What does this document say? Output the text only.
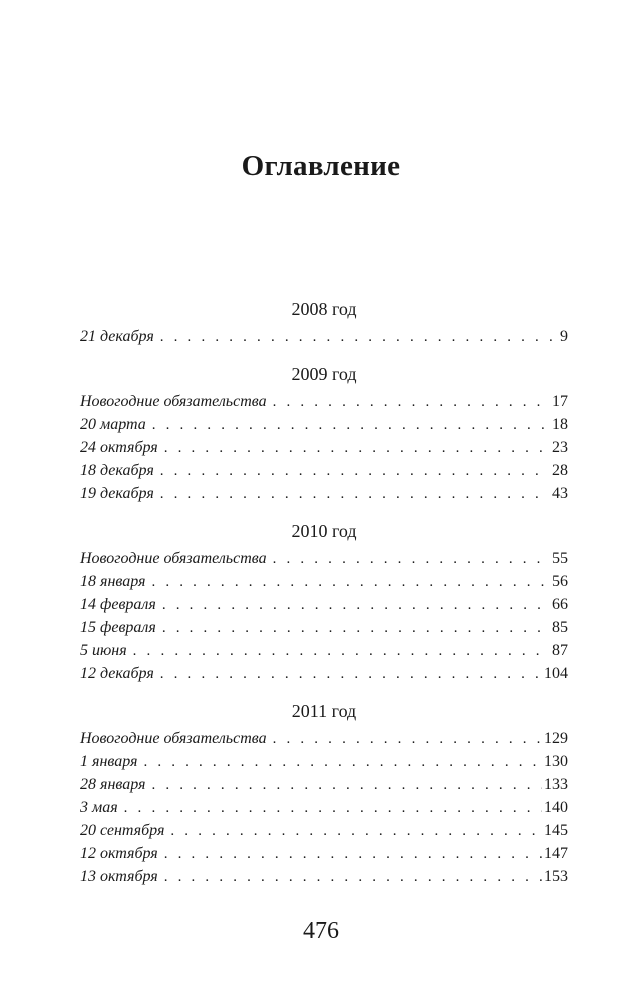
Оглавление
2008 год
21 декабря . . .	9
2009 год
Новогодние обязательства . . .	17
20 марта . . .	18
24 октября . . .	23
18 декабря . . .	28
19 декабря . . .	43
2010 год
Новогодние обязательства . . .	55
18 января . . .	56
14 февраля . . .	66
15 февраля . . .	85
5 июня . . .	87
12 декабря . . .	104
2011 год
Новогодние обязательства . . .	129
1 января . . .	130
28 января . . .	133
3 мая . . .	140
20 сентября . . .	145
12 октября . . .	147
13 октября . . .	153
476
